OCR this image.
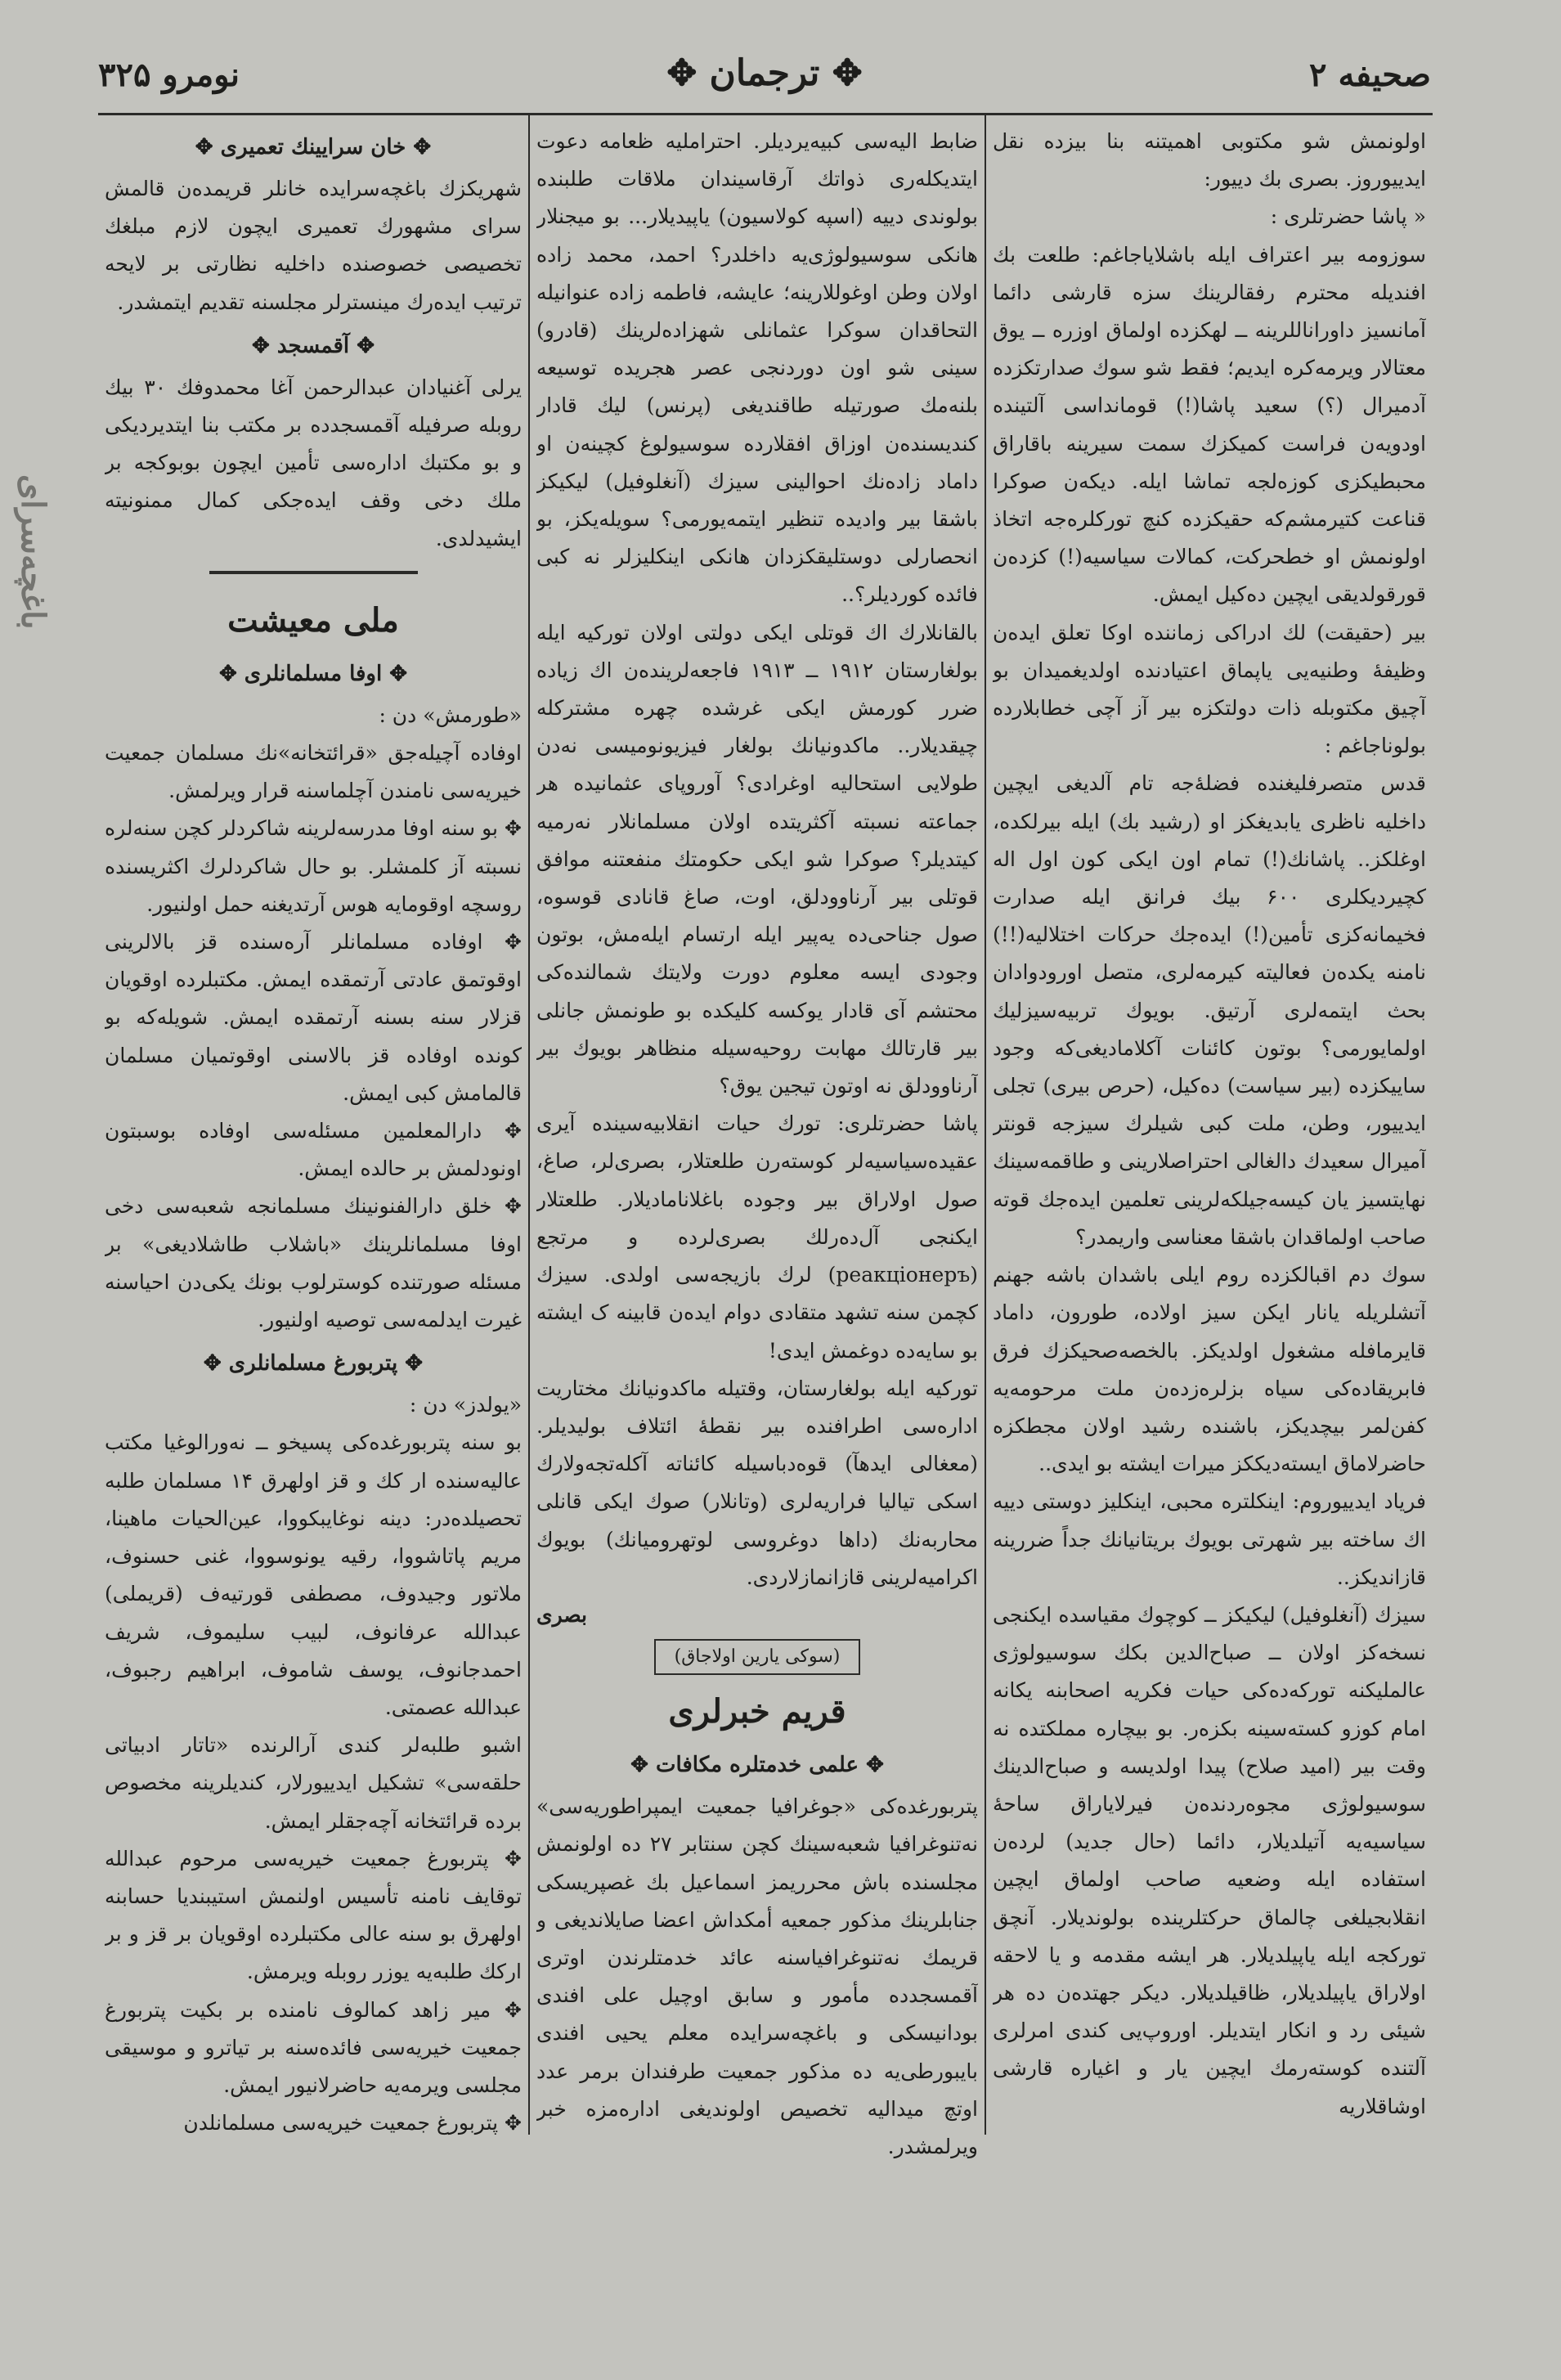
باغچه‌سرای
صحیفه ۲
✥ ترجمان ✥
نومرو ۳۲۵

اولونمش شو مکتوبی اهمیتنه بنا بیزده نقل ایدییوروز. بصری بك دییور:

« پاشا حضرتلری :

سوزومه بیر اعتراف ایله باشلایاجاغم: طلعت بك افندیله محترم رفقالرینك سزه قارشی دائما آمانسیز داوراناللرینه ــ لهکزده اولماق اوزره ــ یوق معتالار ویرمه‌کره ایدیم؛ فقط شو سوك صدارتکزده آدمیرال (؟) سعید پاشا(!) قومانداسی آلتینده اودویه‌ن فراست کمیکزك سمت سیرینه باقاراق محبطیکزی کوزه‌لجه تماشا ایله. دیکه‌ن صوکرا قناعت کتیرمشم‌که حقیکزده کنچ تورکلره‌جه اتخاذ اولونمش او خطحرکت، کمالات سیاسیه(!) کزده‌ن قورقولدیقی ایچین ده‌کیل ایمش.

بیر (حقیقت) لك ادراکی زماننده اوکا تعلق ایده‌ن وظیفهٔ وطنیه‌یی یاپماق اعتیادنده اولدیغمیدان بو آچیق مکتوبله ذات دولتکزه بیر آز آچی خطابلارده بولوناجاغم :

قدس متصرفلیغنده فضلهٔ‌جه تام آلدیغی ایچین داخلیه ناظری یابدیغکز او (رشید بك) ایله بیرلکده، اوغلکز.. پاشانك(!) تمام اون ایکی کون اول اله کچیردیکلری ۶۰۰ بیك فرانق ایله صدارت فخیمانه‌کزی تأمین(!) ایده‌جك حرکات اختلالیه(!!) نامنه یکده‌ن فعالیته کیرمه‌لری، متصل اورودوادان بحث ایتمه‌لری آرتیق. بویوك تربیه‌سیزلیك اولمایورمی؟ بوتون کائنات آکلامادیغی‌که وجود ساییکزده (بیر سیاست) ده‌کیل، (حرص بیری) تجلی ایدییور، وطن، ملت کبی شیلرك سیزجه قونتر آمیرال سعیدك دالغالی احتراصلارینی و طاقمه‌سینك نهایتسیز یان کیسه‌جیلکه‌لرینی تعلمین ایده‌جك قوته صاحب اولماقدان باشقا معناسی واریمدر؟

سوك دم اقبالکزده روم ایلی باشدان باشه جهنم آتشلریله یانار ایکن سیز اولاده، طورون، داماد قایرمافله مشغول اولدیکز. بالخصه‌صحیکزك فرق فابریقاده‌کی سیاه بزلره‌زده‌ن ملت مرحومه‌یه کفن‌لمر بیچدیکز، باشنده رشید اولان مجطکزه حاضرلاماق ایسته‌دیککز میرات ایشته بو ایدی..

فریاد ایدییوروم: اینکلتره محبی، اینکلیز دوستی دییه اك ساخته بیر شهرتی بویوك بریتانیانك جداً ضررینه قازاندیکز..

سیزك (آنغلوفیل) لیکیکز ــ کوچوك مقیاسده ایکنجی نسخه‌کز اولان ــ صباح‌الدین بکك سوسیولوژی عالملیکنه تورکه‌ده‌کی حیات فکریه اصحابنه یکانه امام کوزو کسته‌سینه بکزه‌ر. بو بیچاره مملکتده نه وقت بیر (امید صلاح) پیدا اولدیسه و صباح‌الدینك سوسیولوژی مجوه‌ردنده‌ن فیرلایاراق ساحهٔ سیاسیه‌یه آتیلدیلار، دائما (حال جدید) لرده‌ن استفاده ایله وضعیه صاحب اولماق ایچین انقلابجیلغی چالماق حرکتلرینده بولوندیلار. آنچق تورکجه ایله یاپیلدیلار. هر ایشه مقدمه و یا لاحقه اولاراق یاپیلدیلار، ظاقیلدیلار. دیکر جهتده‌ن ده هر شیئی رد و انکار ایتدیلر. اوروپ‌یی کندی امرلری آلتنده کوسته‌رمك ایچین یار و اغیاره قارشی اوشاقلاریه

ضابط الیه‌سی کبیه‌یردیلر. احتراملیه ظعامه دعوت ایتدیکله‌ری ذواتك آرقاسیندان ملاقات طلبنده بولوندی دییه (اسپه کولاسیون) یاپیدیلار... بو میجنلار هانکی سوسیولوژی‌یه داخلدر؟ احمد، محمد زاده اولان وطن اوغوللارینه؛ عایشه، فاطمه زاده عنوانیله التحاقدان سوکرا عثمانلی شهزاده‌لرینك (قادرو) سینی شو اون دوردنجی عصر هجریده توسیعه بلنه‌مك صورتیله طاقندیغی (پرنس) لیك قادار کندیسنده‌ن اوزاق افقلارده سوسیولوغ کچینه‌ن او داماد زاده‌نك احوالینی سیزك (آنغلوفیل) لیکیکز باشقا بیر وادیده تنظیر ایتمه‌یورمی؟ سویله‌یکز، بو انحصارلی دوستلیقکزدان هانکی اینکلیزلر نه کبی فائده کوردیلر؟..

بالقانلارك اك قوتلی ایکی دولتی اولان تورکیه ایله بولغارستان ۱۹۱۲ ــ ۱۹۱۳ فاجعه‌لرینده‌ن اك زیاده ضرر کورمش ایکی غرشده چهره مشترکله چیقدیلار.. ماکدونیانك بولغار فیزیونومیسی نه‌دن طولایی استحالیه اوغرادی؟ آوروپای عثمانیده هر جماعته نسبته آکثریتده اولان مسلمانلار نه‌رمیه کیتدیلر؟ صوکرا شو ایکی حکومتك منفعتنه موافق قوتلی بیر آرناوودلق، اوت، صاغ قانادی قوسوه، صول جناحی‌ده یه‌پیر ایله ارتسام ایله‌مش، بوتون وجودی ایسه معلوم دورت ولایتك شمالنده‌کی محتشم آی قادار یوکسه کلیکده بو طونمش جانلی بیر قارتالك مهابت روحیه‌سیله منظاهر بویوك بیر آرناوودلق نه اوتون تیجین یوق؟

پاشا حضرتلری: تورك حیات انقلابیه‌سینده آیری عقیده‌سیاسیه‌لر کوسته‌رن طلعتلار، بصری‌لر، صاغ، صول اولاراق بیر وجوده باغلانامادیلار. طلعتلار ایکنجی آل‌ده‌رلك بصری‌لرده و مرتجع (реакціонеръ) لرك بازیجه‌سی اولدی. سیزك کچمن سنه تشهد متقادی دوام ایده‌ن قابینه‌ ک ایشته بو سایه‌ده دوغمش ایدی!

تورکیه ایله بولغارستان، وقتیله ماکدونیانك مختاریت اداره‌سی اطرافنده بیر نقطهٔ ائتلاف بولیدیلر. (معغالی ایدهآ) قوه‌دباسیله کائناته آکله‌تجه‌ولارك اسکی تیالیا فراریه‌لری (وتانلار) صوك ایکی قانلی محاربه‌نك (داها دوغروسی لوتهرومیانك) بویوك اکرامیه‌لرینی قازانمازلاردی.

بصری

(سوکی یارین اولاجاق)
قریم خبرلری
✥ علمی خدمتلره مکافات ✥

پتربورغده‌کی «جوغرافیا جمعیت ایمپراطوریه‌سی» نه‌تنوغرافیا شعبه‌سینك کچن سنتابر ۲۷ ده اولونمش مجلسنده باش محرریمز اسماعیل بك غصپریسکی جنابلرینك مذکور جمعیه ‌أمکداش اعضا صایلاندیغی و قریمك نه‌تنوغرافیاسنه عائد خدمتلرندن اوتری آقمسجدده مأمور و سابق اوچیل علی افندی بودانیسکی و باغچه‌سرایده معلم یحیی افندی بایبورطی‌یه ده مذکور جمعیت طرفندان برمر عدد اوتچ میدالیه تخصیص اولوندیغی اداره‌مزه خبر ویرلمشدر.

✥ خان سرایینك تعمیری ✥

شهریکزك باغچه‌سرایده خانلر قریمده‌ن قالمش سرای مشهورك تعمیری ایچون لازم مبلغك تخصیصی خصوصنده داخلیه نظارتی بر لایحه ترتیب ایده‌رك مینسترلر مجلسنه تقدیم ایتمشدر.

✥ آقمسجد ✥

یرلی آغنیادان عبدالرحمن آغا محمدوفك ۳۰ بیك روبله صرفیله آقمسجدده بر مکتب بنا ایتدیردیکی و بو مکتبك اداره‌سی تأمین ایچون بوبوکجه بر ملك دخی وقف ایده‌جکی کمال ممنونیته ایشیدلدی.

ملی معیشت
✥ اوفا مسلمانلری ✥

«طورمش» دن :

اوفاده آچیله‌جق «قرائتخانه»نك مسلمان جمعیت خیریه‌سی نامندن آچلماسنه قرار ویرلمش.

✥ بو سنه اوفا مدرسه‌لرینه شاکردلر کچن سنه‌لره نسبته آز کلمشلر. بو حال شاکردلرك اکثریسنده روسچه اوقومایه هوس آرتدیغنه حمل اولنیور.

✥ اوفاده مسلمانلر آره‌سنده قز بالالرینی اوقوتمق عادتی آرتمقده ایمش. مکتبلرده اوقویان قزلار سنه بسنه آرتمقده ایمش. شویله‌که بو کونده اوفاده قز بالاسنی اوقوتمیان مسلمان قالمامش کبی ایمش.

✥ دارالمعلمین مسئله‌سی اوفاده بوسبتون اونودلمش بر حالده ایمش.

✥ خلق دارالفنونینك مسلمانجه شعبه‌سی دخی اوفا مسلمانلرینك «باشلاب طاشلادیغی» بر مسئله صورتنده کوسترلوب بونك یکی‌دن احیاسنه غیرت ایدلمه‌سی توصیه اولنیور.

✥ پتربورغ مسلمانلری ✥

«یولدز» دن :

بو سنه پتربورغده‌کی پسیخو ــ نه‌ورالوغیا مکتب عالیه‌سنده ار کك و قز اولهرق ۱۴ مسلمان طلبه تحصیلده‌در: دینه نوغایبکووا، عین‌الحیات ماهینا، مریم پاتاشووا، رقیه یونوسووا، غنی حسنوف، ملاتور وجیدوف، مصطفی قورتیه‌ف (قریملی) عبدالله عرفانوف، لبیب سلیموف، شریف احمدجانوف، یوسف شاموف، ابراهیم رجبوف، عبدالله عصمتی.

اشبو طلبه‌لر کندی آرالرنده «تاتار ادبیاتی حلقه‌سی» تشکیل ایدییورلار، کندیلرینه مخصوص برده قرائتخانه آچه‌جقلر ایمش.

✥ پتربورغ جمعیت خیریه‌سی مرحوم عبدالله توقایف نامنه تأسیس اولنمش استیبندیا حسابنه اولهرق بو سنه عالی مکتبلرده اوقویان بر قز و بر ارکك طلبه‌یه یوزر روبله ویرمش.

✥ میر زاهد کمالوف نامنده بر بکیت پتربورغ جمعیت خیریه‌سی فائده‌سنه بر تیاترو و موسیقی مجلسی ویرمه‌یه حاضرلانیور ایمش.

✥ پتربورغ جمعیت خیریه‌سی مسلمانلدن
